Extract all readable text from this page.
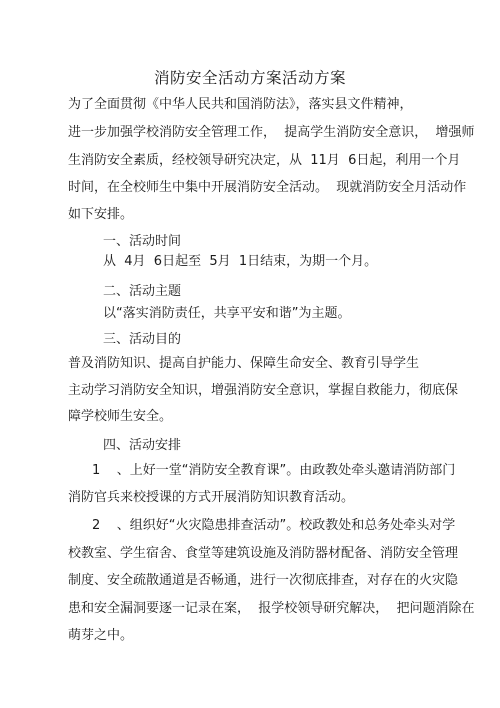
消防安全活动方案活动方案
为了全面贯彻《中华人民共和国消防法》，落实县文件精神，
进一步加强学校消防安全管理工作，  提高学生消防安全意识，  增强师
生消防安全素质，经校领导研究决定，从  11月  6日起，利用一个月
时间，在全校师生中集中开展消防安全活动。  现就消防安全月活动作
如下安排。
一、活动时间
从  4月  6日起至  5月  1日结束，为期一个月。
二、活动主题
以“落实消防责任，共享平安和谐”为主题。
三、活动目的
普及消防知识、提高自护能力、保障生命安全、教育引导学生
主动学习消防安全知识，增强消防安全意识，掌握自救能力，彻底保
障学校师生安全。
四、活动安排
1    、上好一堂“消防安全教育课”。由政教处牵头邀请消防部门
消防官兵来校授课的方式开展消防知识教育活动。
2    、组织好“火灾隐患排查活动”。校政教处和总务处牵头对学
校教室、学生宿舍、食堂等建筑设施及消防器材配备、消防安全管理
制度、安全疏散通道是否畅通，进行一次彻底排查，对存在的火灾隐
患和安全漏洞要逐一记录在案，  报学校领导研究解决，  把问题消除在
萌芽之中。
